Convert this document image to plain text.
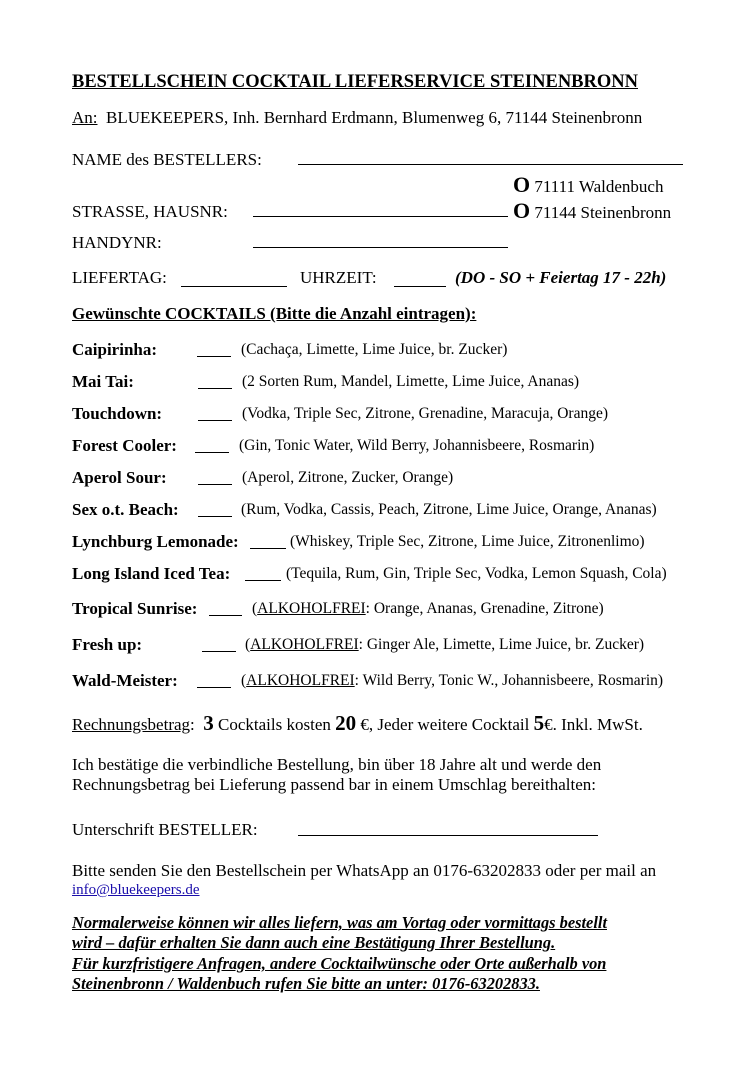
BESTELLSCHEIN COCKTAIL LIEFERSERVICE STEINENBRONN
An: BLUEKEEPERS, Inh. Bernhard Erdmann, Blumenweg 6, 71144 Steinenbronn
NAME des BESTELLERS:
O 71111 Waldenbuch
O 71144 Steinenbronn
STRASSE, HAUSNR:
HANDYNR:
LIEFERTAG:	UHRZEIT:	(DO - SO + Feiertag 17 - 22h)
Gewünschte COCKTAILS (Bitte die Anzahl eintragen):
Caipirinha:	(Cachaça, Limette, Lime Juice, br. Zucker)
Mai Tai:	(2 Sorten Rum, Mandel, Limette, Lime Juice, Ananas)
Touchdown:	(Vodka, Triple Sec, Zitrone, Grenadine, Maracuja, Orange)
Forest Cooler:	(Gin, Tonic Water, Wild Berry, Johannisbeere, Rosmarin)
Aperol Sour:	(Aperol, Zitrone, Zucker, Orange)
Sex o.t. Beach:	(Rum, Vodka, Cassis, Peach, Zitrone, Lime Juice, Orange, Ananas)
Lynchburg Lemonade:	(Whiskey, Triple Sec, Zitrone, Lime Juice, Zitronenlimo)
Long Island Iced Tea:	(Tequila, Rum, Gin, Triple Sec, Vodka, Lemon Squash, Cola)
Tropical Sunrise:	(ALKOHOLFREI: Orange, Ananas, Grenadine, Zitrone)
Fresh up:	(ALKOHOLFREI: Ginger Ale, Limette, Lime Juice, br. Zucker)
Wald-Meister:	(ALKOHOLFREI: Wild Berry, Tonic W., Johannisbeere, Rosmarin)
Rechnungsbetrag: 3 Cocktails kosten 20 €, Jeder weitere Cocktail 5€. Inkl. MwSt.
Ich bestätige die verbindliche Bestellung, bin über 18 Jahre alt und werde den
Rechnungsbetrag bei Lieferung passend bar in einem Umschlag bereithalten:
Unterschrift BESTELLER:
Bitte senden Sie den Bestellschein per WhatsApp an 0176-63202833 oder per mail an
info@bluekeepers.de
Normalerweise können wir alles liefern, was am Vortag oder vormittags bestellt
wird – dafür erhalten Sie dann auch eine Bestätigung Ihrer Bestellung.
Für kurzfristigere Anfragen, andere Cocktailwünsche oder Orte außerhalb von
Steinenbronn / Waldenbuch rufen Sie bitte an unter: 0176-63202833.
